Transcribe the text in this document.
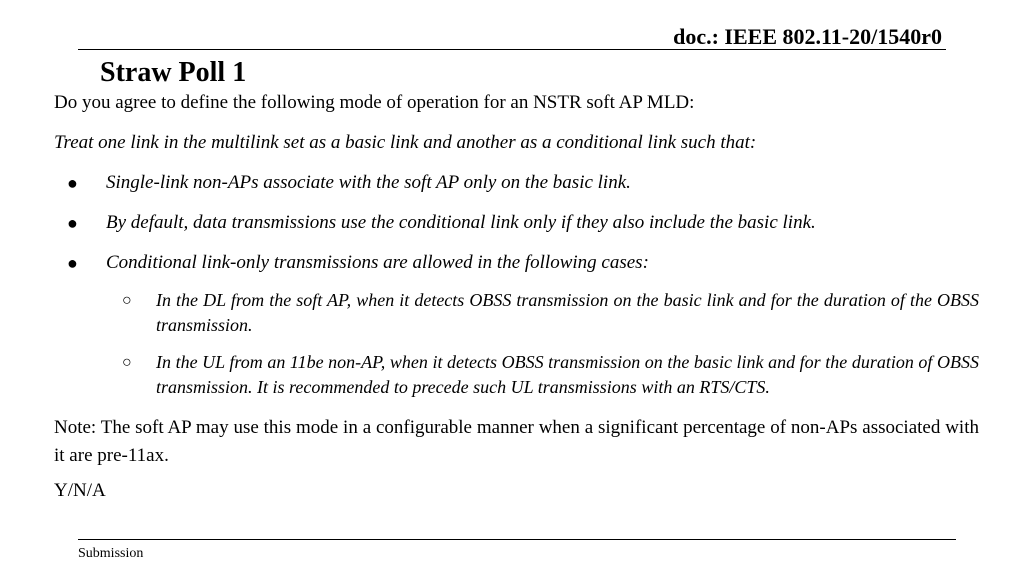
doc.: IEEE 802.11-20/1540r0
Straw Poll 1

Do you agree to define the following mode of operation for an NSTR soft AP MLD:

Treat one link in the multilink set as a basic link and another as a conditional link such that:

● Single-link non-APs associate with the soft AP only on the basic link.
● By default, data transmissions use the conditional link only if they also include the basic link.
● Conditional link-only transmissions are allowed in the following cases:
○ In the DL from the soft AP, when it detects OBSS transmission on the basic link and for the duration of the OBSS transmission.
○ In the UL from an 11be non-AP, when it detects OBSS transmission on the basic link and for the duration of OBSS transmission. It is recommended to precede such UL transmissions with an RTS/CTS.

Note: The soft AP may use this mode in a configurable manner when a significant percentage of non-APs associated with it are pre-11ax.

Y/N/A

Submission
